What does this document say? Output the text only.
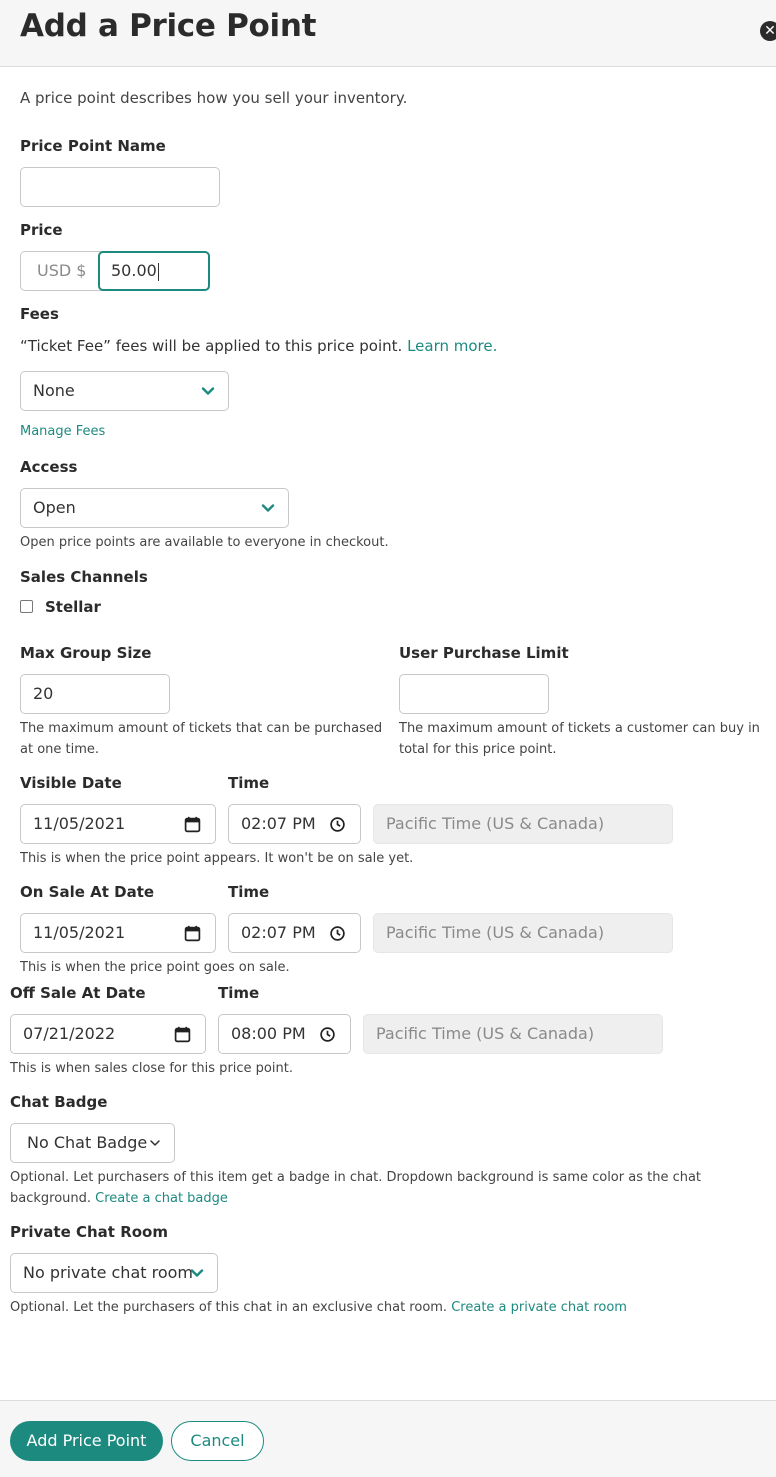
Add a Price Point	✕
A price point describes how you sell your inventory.
Price Point Name
Price
USD $	50.00
Fees
“Ticket Fee” fees will be applied to this price point. Learn more.
None
Manage Fees
Access
Open
Open price points are available to everyone in checkout.
Sales Channels
Stellar
Max Group Size
20
The maximum amount of tickets that can be purchased
at one time.
User Purchase Limit
The maximum amount of tickets a customer can buy in
total for this price point.
Visible Date	Time
11/05/2021	02:07 PM	Pacific Time (US & Canada)
This is when the price point appears. It won't be on sale yet.
On Sale At Date	Time
11/05/2021	02:07 PM	Pacific Time (US & Canada)
This is when the price point goes on sale.
Off Sale At Date	Time
07/21/2022	08:00 PM	Pacific Time (US & Canada)
This is when sales close for this price point.
Chat Badge
No Chat Badge
Optional. Let purchasers of this item get a badge in chat. Dropdown background is same color as the chat
background. Create a chat badge
Private Chat Room
No private chat room
Optional. Let the purchasers of this chat in an exclusive chat room. Create a private chat room
Add Price Point	Cancel
